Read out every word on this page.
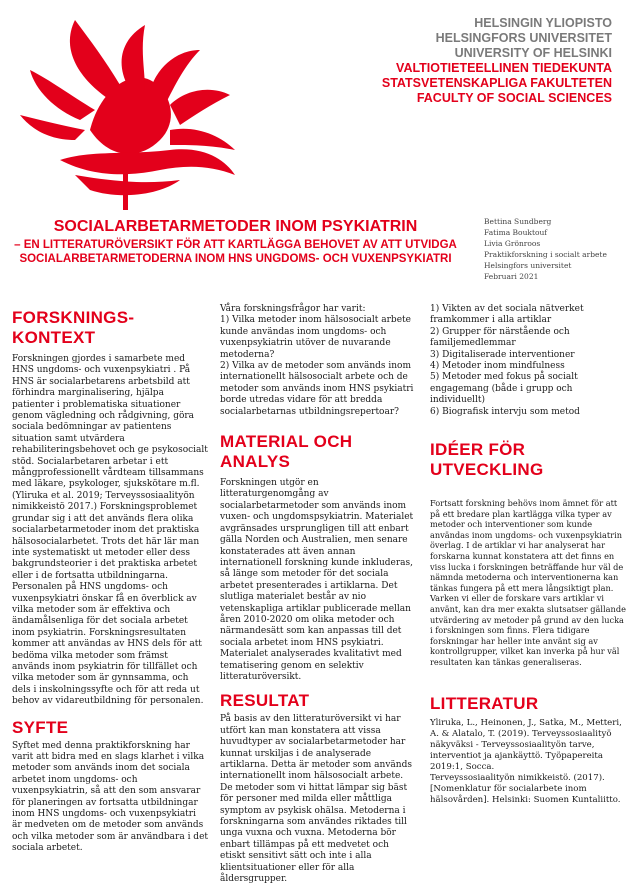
HELSINGIN YLIOPISTO
HELSINGFORS UNIVERSITET
UNIVERSITY OF HELSINKI
VALTIOTIETEELLINEN TIEDEKUNTA
STATSVETENSKAPLIGA FAKULTETEN
FACULTY OF SOCIAL SCIENCES
SOCIALARBETARMETODER INOM PSYKIATRIN
– EN LITTERATURÖVERSIKT FÖR ATT KARTLÄGGA BEHOVET AV ATT UTVIDGA SOCIALARBETARMETODERNA INOM HNS UNGDOMS- OCH VUXENPSYKIATRI
Bettina Sundberg
Fatima Bouktouf
Livia Grönroos
Praktikforskning i socialt arbete
Helsingfors universitet
Februari 2021
FORSKNINGS-
KONTEXT

Forskningen gjordes i samarbete med HNS ungdoms- och vuxenpsykiatri . På HNS är socialarbetarens arbetsbild att förhindra marginalisering, hjälpa patienter i problematiska situationer genom vägledning och rådgivning, göra sociala bedömningar av patientens situation samt utvärdera rehabiliteringsbehovet och ge psykosocialt stöd. Socialarbetaren arbetar i ett mångprofessionellt vårdteam tillsammans med läkare, psykologer, sjukskötare m.fl. (Yliruka et al. 2019; Terveyssosiaalityön nimikkeistö 2017.) Forskningsproblemet grundar sig i att det används flera olika socialarbetarmetoder inom det praktiska hälsosocialarbetet. Trots det här lär man inte systematiskt ut metoder eller dess bakgrundsteorier i det praktiska arbetet eller i de fortsatta utbildningarna. Personalen på HNS ungdoms- och vuxenpsykiatri önskar få en överblick av vilka metoder som är effektiva och ändamålsenliga för det sociala arbetet inom psykiatrin. Forskningsresultaten kommer att användas av HNS dels för att bedöma vilka metoder som främst används inom psykiatrin för tillfället och vilka metoder som är gynnsamma, och dels i inskolningssyfte och för att reda ut behov av vidareutbildning för personalen.

SYFTE

Syftet med denna praktikforskning har varit att bidra med en slags klarhet i vilka metoder som används inom det sociala arbetet inom ungdoms- och vuxenpsykiatrin, så att den som ansvarar för planeringen av fortsatta utbildningar inom HNS ungdoms- och vuxenpsykiatri är medveten om de metoder som används och vilka metoder som är användbara i det sociala arbetet.

Våra forskningsfrågor har varit:

1) Vilka metoder inom hälsosocialt arbete kunde användas inom ungdoms- och vuxenpsykiatrin utöver de nuvarande metoderna?

2) Vilka av de metoder som används inom internationellt hälsosocialt arbete och de metoder som används inom HNS psykiatri borde utredas vidare för att bredda socialarbetarnas utbildningsrepertoar?

MATERIAL OCH
ANALYS

Forskningen utgör en litteraturgenomgång av socialarbetarmetoder som används inom vuxen- och ungdomspsykiatrin. Materialet avgränsades ursprungligen till att enbart gälla Norden och Australien, men senare konstaterades att även annan internationell forskning kunde inkluderas, så länge som metoder för det sociala arbetet presenterades i artiklarna. Det slutliga materialet består av nio vetenskapliga artiklar publicerade mellan åren 2010-2020 om olika metoder och närmandesätt som kan anpassas till det sociala arbetet inom HNS psykiatri. Materialet analyserades kvalitativt med tematisering genom en selektiv litteraturöversikt.

RESULTAT

På basis av den litteraturöversikt vi har utfört kan man konstatera att vissa huvudtyper av socialarbetarmetoder har kunnat urskiljas i de analyserade artiklarna. Detta är metoder som används internationellt inom hälsosocialt arbete. De metoder som vi hittat lämpar sig bäst för personer med milda eller måttliga symptom av psykisk ohälsa. Metoderna i forskningarna som användes riktades till unga vuxna och vuxna. Metoderna bör enbart tillämpas på ett medvetet och etiskt sensitivt sätt och inte i alla klientsituationer eller för alla åldersgrupper.

1) Vikten av det sociala nätverket framkommer i alla artiklar
2) Grupper för närstående och familjemedlemmar
3) Digitaliserade interventioner
4) Metoder inom mindfulness
5) Metoder med fokus på socialt engagemang (både i grupp och individuellt)
6) Biografisk intervju som metod
IDÉER FÖR
UTVECKLING

Fortsatt forskning behövs inom ämnet för att på ett bredare plan kartlägga vilka typer av metoder och interventioner som kunde användas inom ungdoms- och vuxenpsykiatrin överlag. I de artiklar vi har analyserat har forskarna kunnat konstatera att det finns en viss lucka i forskningen beträffande hur väl de nämnda metoderna och interventionerna kan tänkas fungera på ett mera långsiktigt plan. Varken vi eller de forskare vars artiklar vi använt, kan dra mer exakta slutsatser gällande utvärdering av metoder på grund av den lucka i forskningen som finns. Flera tidigare forskningar har heller inte använt sig av kontrollgrupper, vilket kan inverka på hur väl resultaten kan tänkas generaliseras.

LITTERATUR

Yliruka, L., Heinonen, J., Satka, M., Metteri, A. & Alatalo, T. (2019). Terveyssosiaalityö näkyväksi - Terveyssosiaalityön tarve, interventiot ja ajankäyttö. Työpapereita 2019:1, Socca.

Terveyssosiaalityön nimikkeistö. (2017). [Nomenklatur för socialarbete inom hälsovården]. Helsinki: Suomen Kuntaliitto.
